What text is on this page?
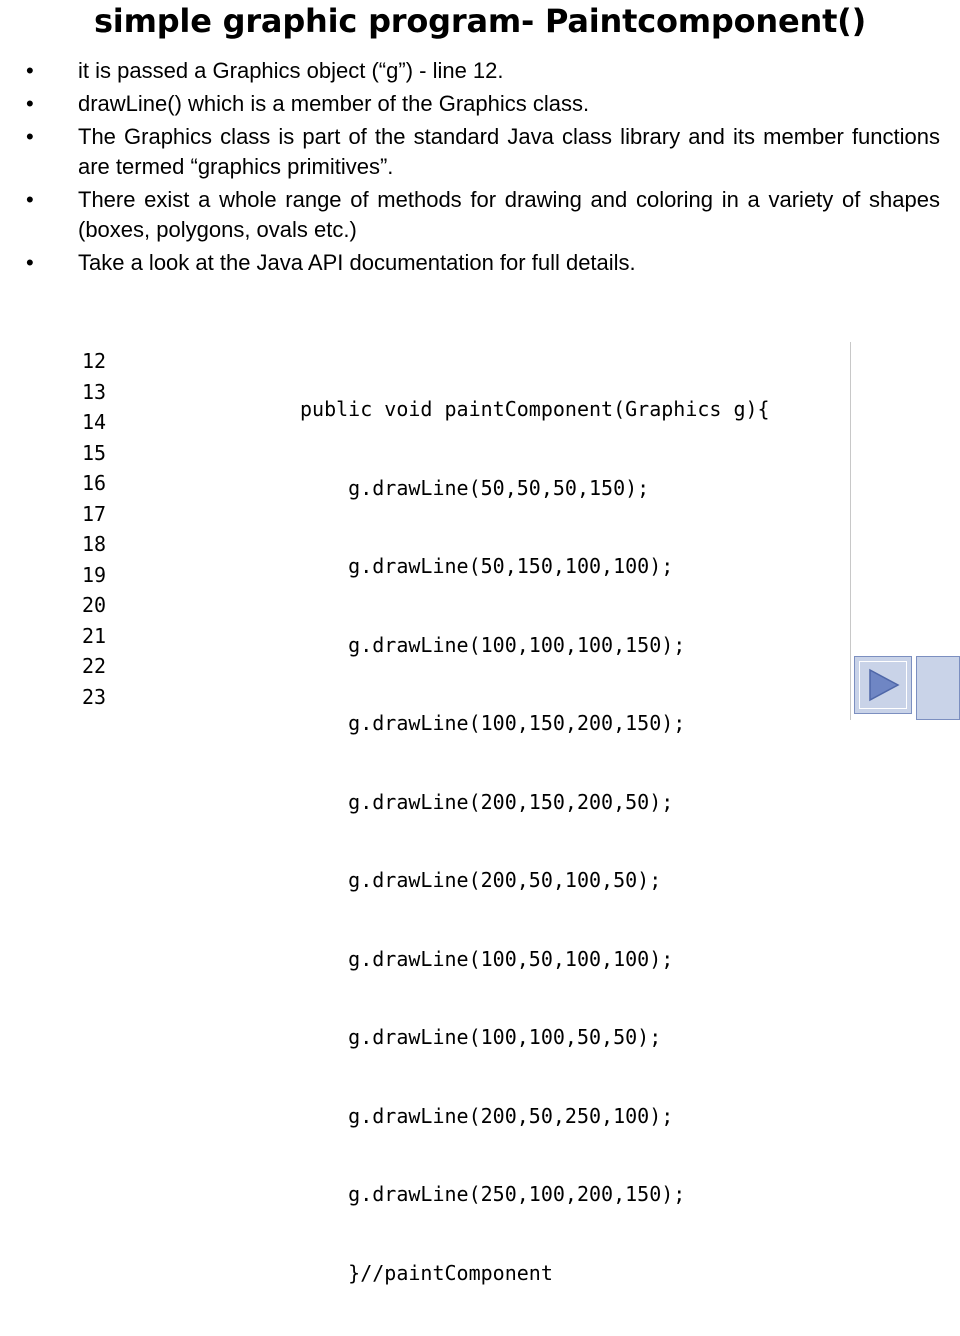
simple graphic program- Paintcomponent()
• it is passed a Graphics object (“g”) - line 12.
• drawLine() which is a member of the Graphics class.
• The Graphics class is part of the standard Java class library and its member functions are termed “graphics primitives”.
• There exist a whole range of methods for drawing and coloring in a variety of shapes (boxes, polygons, ovals etc.)
• Take a look at the Java API documentation for full details.
12
13
14
15
16
17
18
19
20
21
22
23

public void paintComponent(Graphics g){

g.drawLine(50,50,50,150);

g.drawLine(50,150,100,100);

g.drawLine(100,100,100,150);

g.drawLine(100,150,200,150);

g.drawLine(200,150,200,50);

g.drawLine(200,50,100,50);

g.drawLine(100,50,100,100);

g.drawLine(100,100,50,50);

g.drawLine(200,50,250,100);

g.drawLine(250,100,200,150);

}//paintComponent
